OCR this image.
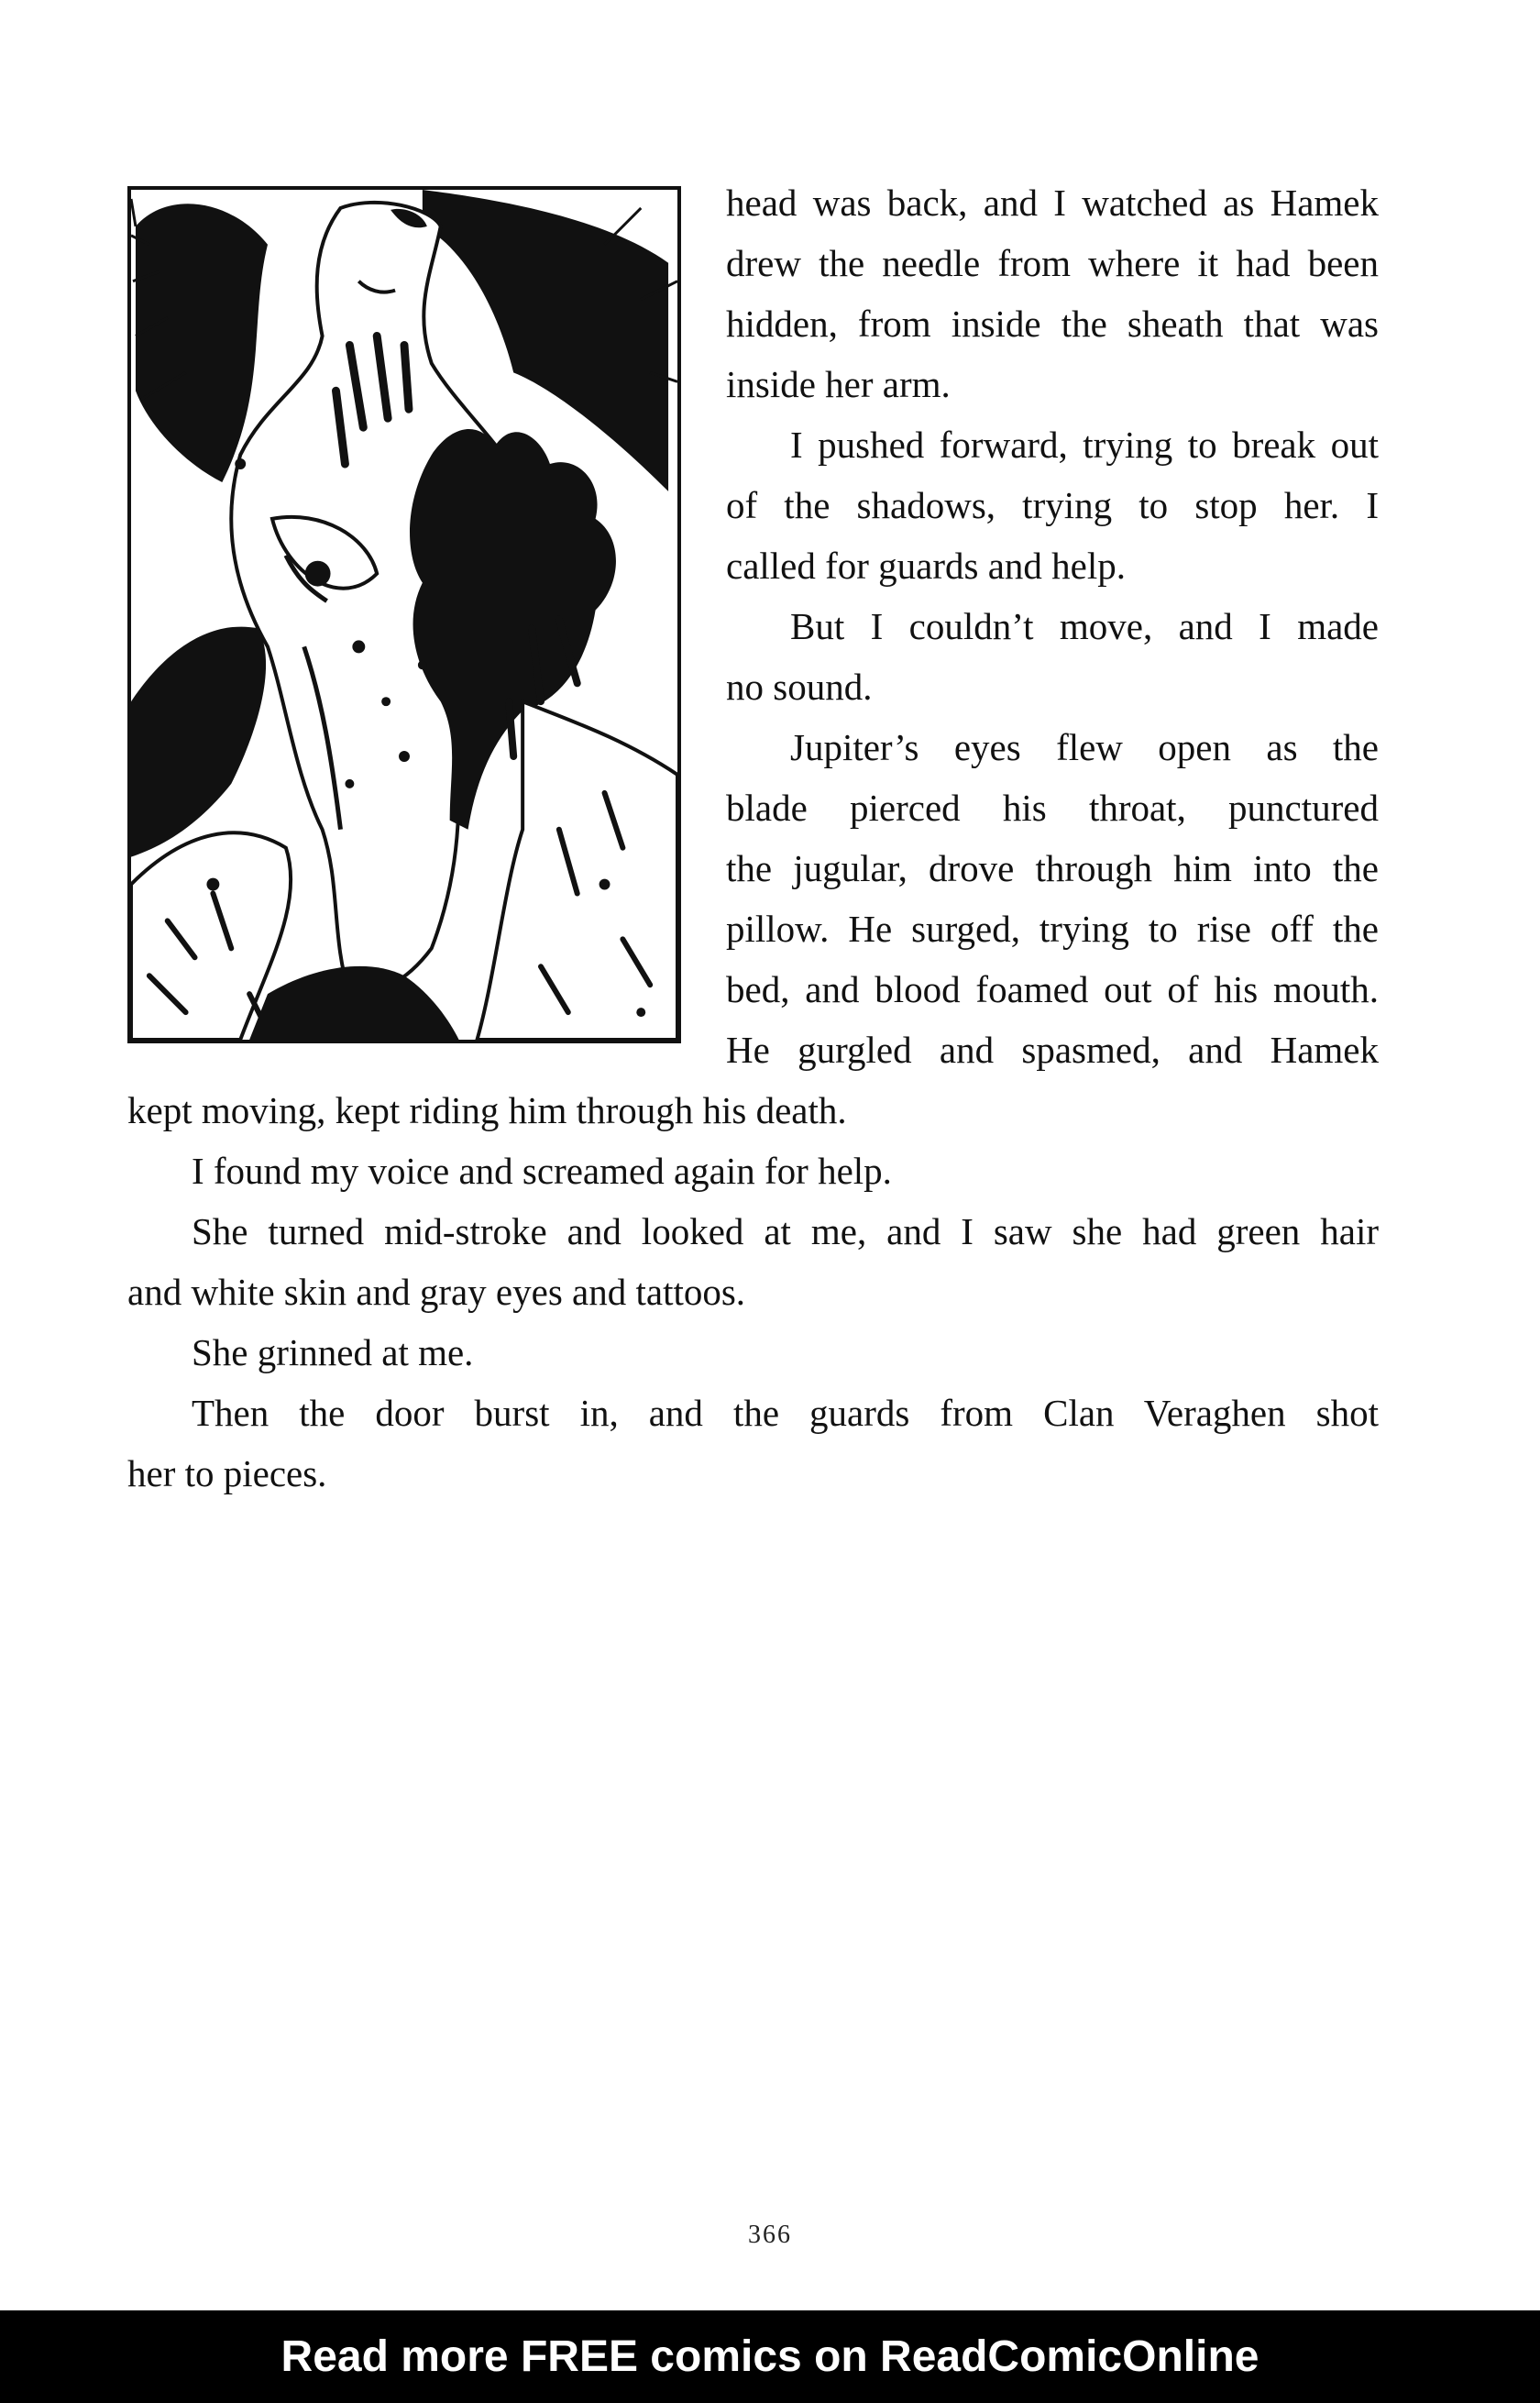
head was back, and I watched as Hamek
drew the needle from where it had been
hidden, from inside the sheath that was
inside her arm.
I pushed forward, trying to break out
of the shadows, trying to stop her. I
called for guards and help.
But I couldn’t move, and I made
no sound.
Jupiter’s eyes flew open as the
blade pierced his throat, punctured
the jugular, drove through him into the
pillow. He surged, trying to rise off the
bed, and blood foamed out of his mouth.
He gurgled and spasmed, and Hamek
kept moving, kept riding him through his death.
I found my voice and screamed again for help.
She turned mid-stroke and looked at me, and I saw she had green hair
and white skin and gray eyes and tattoos.
She grinned at me.
Then the door burst in, and the guards from Clan Veraghen shot
her to pieces.
366
Read more FREE comics on ReadComicOnline
